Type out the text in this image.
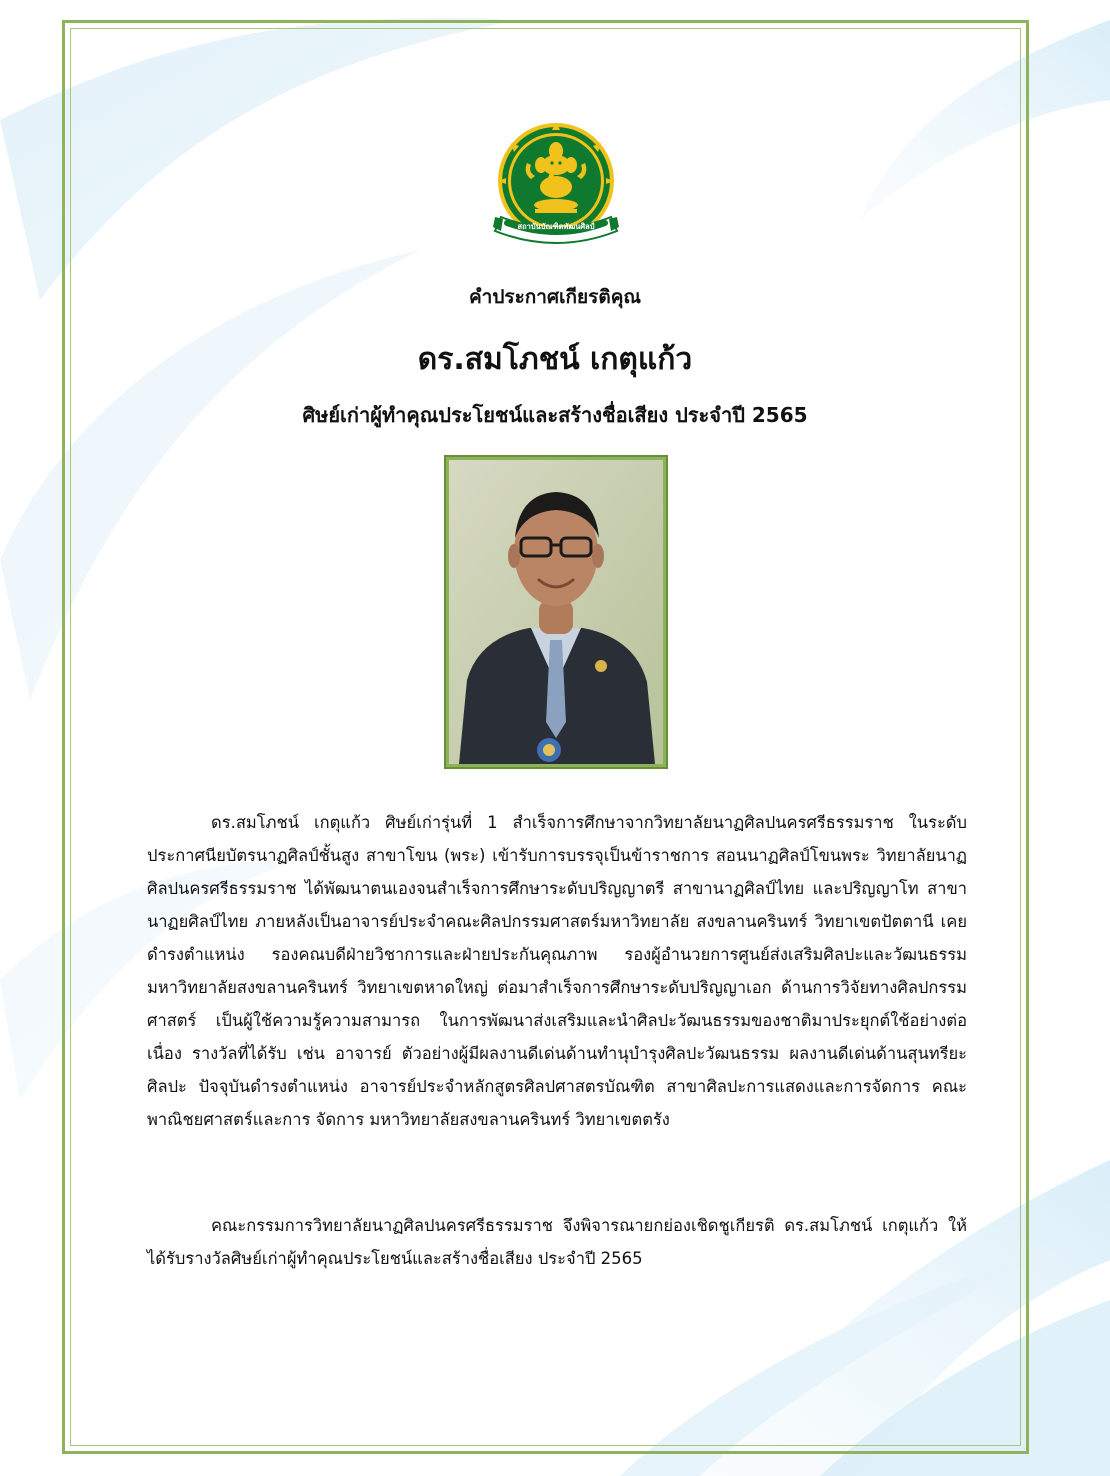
สถาบันบัณฑิตพัฒนศิลป์
คำประกาศเกียรติคุณ
ดร.สมโภชน์ เกตุแก้ว
ศิษย์เก่าผู้ทำคุณประโยชน์และสร้างชื่อเสียง ประจำปี 2565

ดร.สมโภชน์ เกตุแก้ว ศิษย์เก่ารุ่นที่ 1 สำเร็จการศึกษาจากวิทยาลัยนาฏศิลปนครศรีธรรมราช ในระดับประกาศนียบัตรนาฏศิลป์ชั้นสูง สาขาโขน (พระ) เข้ารับการบรรจุเป็นข้าราชการ สอนนาฏศิลป์โขนพระ วิทยาลัยนาฏศิลปนครศรีธรรมราช ได้พัฒนาตนเองจนสำเร็จการศึกษาระดับปริญญาตรี สาขานาฏศิลป์ไทย และปริญญาโท สาขานาฏยศิลป์ไทย ภายหลังเป็นอาจารย์ประจำคณะศิลปกรรมศาสตร์มหาวิทยาลัย สงขลานครินทร์ วิทยาเขตปัตตานี เคยดำรงตำแหน่ง รองคณบดีฝ่ายวิชาการและฝ่ายประกันคุณภาพ รองผู้อำนวยการศูนย์ส่งเสริมศิลปะและวัฒนธรรม มหาวิทยาลัยสงขลานครินทร์ วิทยาเขตหาดใหญ่ ต่อมาสำเร็จการศึกษาระดับปริญญาเอก ด้านการวิจัยทางศิลปกรรมศาสตร์ เป็นผู้ใช้ความรู้ความสามารถ ในการพัฒนาส่งเสริมและนำศิลปะวัฒนธรรมของชาติมาประยุกต์ใช้อย่างต่อเนื่อง รางวัลที่ได้รับ เช่น อาจารย์ ตัวอย่างผู้มีผลงานดีเด่นด้านทำนุบำรุงศิลปะวัฒนธรรม ผลงานดีเด่นด้านสุนทรียะศิลปะ ปัจจุบันดำรงตำแหน่ง อาจารย์ประจำหลักสูตรศิลปศาสตรบัณฑิต สาขาศิลปะการแสดงและการจัดการ คณะพาณิชยศาสตร์และการ จัดการ มหาวิทยาลัยสงขลานครินทร์ วิทยาเขตตรัง

คณะกรรมการวิทยาลัยนาฏศิลปนครศรีธรรมราช จึงพิจารณายกย่องเชิดชูเกียรติ ดร.สมโภชน์ เกตุแก้ว ให้ได้รับรางวัลศิษย์เก่าผู้ทำคุณประโยชน์และสร้างชื่อเสียง ประจำปี 2565
